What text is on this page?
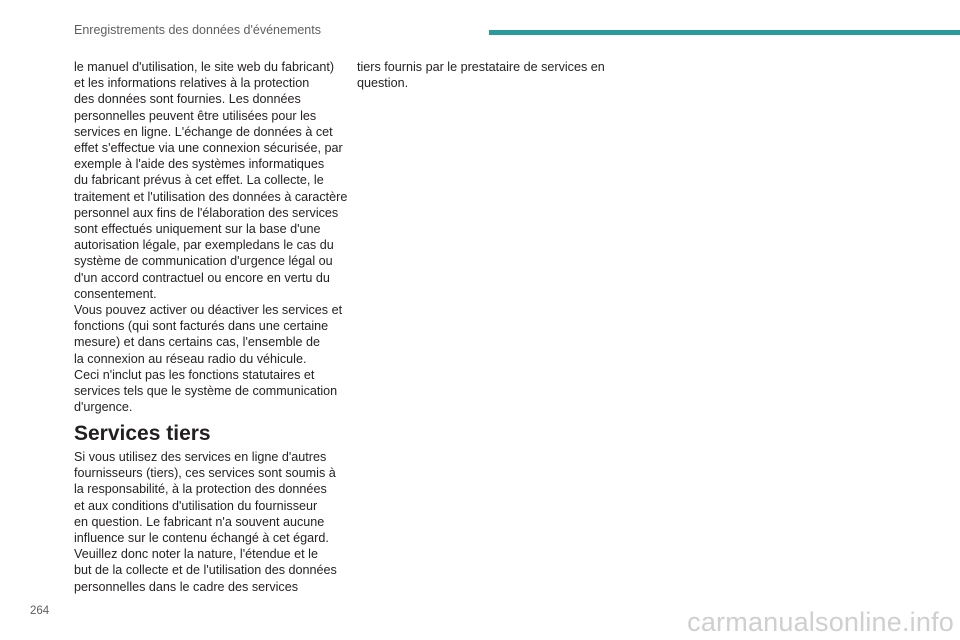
Enregistrements des données d'événements

le manuel d'utilisation, le site web du fabricant)

et les informations relatives à la protection

des données sont fournies. Les données

personnelles peuvent être utilisées pour les

services en ligne. L'échange de données à cet

effet s'effectue via une connexion sécurisée, par

exemple à l'aide des systèmes informatiques

du fabricant prévus à cet effet. La collecte, le

traitement et l'utilisation des données à caractère

personnel aux fins de l'élaboration des services

sont effectués uniquement sur la base d'une

autorisation légale, par exempledans le cas du

système de communication d'urgence légal ou

d'un accord contractuel ou encore en vertu du

consentement.

Vous pouvez activer ou déactiver les services et

fonctions (qui sont facturés dans une certaine

mesure) et dans certains cas, l'ensemble de

la connexion au réseau radio du véhicule.

Ceci n'inclut pas les fonctions statutaires et

services tels que le système de communication

d'urgence.

Services tiers

Si vous utilisez des services en ligne d'autres

fournisseurs (tiers), ces services sont soumis à

la responsabilité, à la protection des données

et aux conditions d'utilisation du fournisseur

en question. Le fabricant n'a souvent aucune

influence sur le contenu échangé à cet égard.

Veuillez donc noter la nature, l'étendue et le

but de la collecte et de l'utilisation des données

personnelles dans le cadre des services

tiers fournis par le prestataire de services en

question.

264	carmanualsonline.info
